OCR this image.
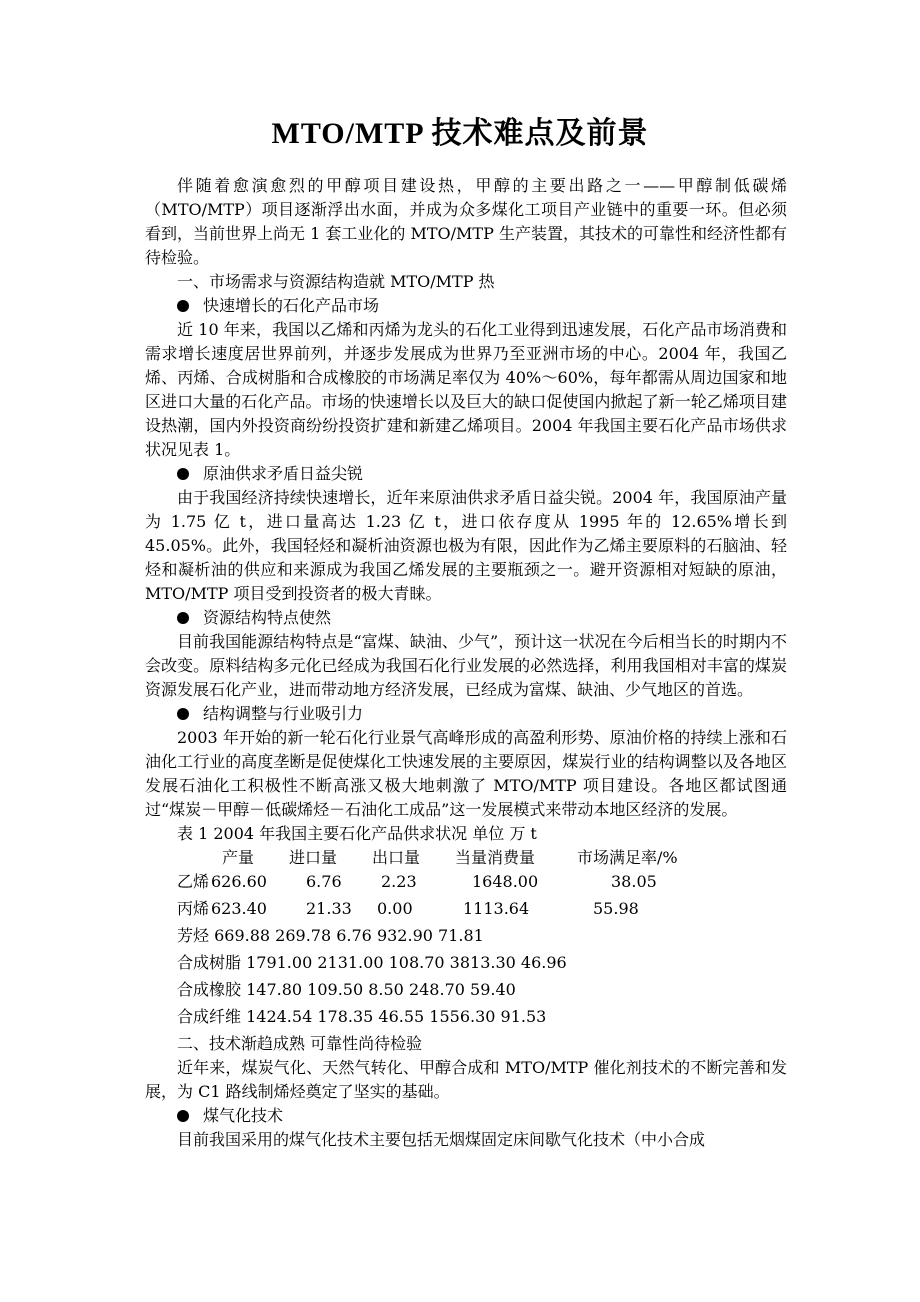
MTO/MTP 技术难点及前景

伴随着愈演愈烈的甲醇项目建设热，甲醇的主要出路之一——甲醇制低碳烯（MTO/MTP）项目逐渐浮出水面，并成为众多煤化工项目产业链中的重要一环。但必须看到，当前世界上尚无 1 套工业化的 MTO/MTP 生产装置，其技术的可靠性和经济性都有待检验。

一、市场需求与资源结构造就 MTO/MTP 热

快速增长的石化产品市场

近 10 年来，我国以乙烯和丙烯为龙头的石化工业得到迅速发展，石化产品市场消费和需求增长速度居世界前列，并逐步发展成为世界乃至亚洲市场的中心。2004 年，我国乙烯、丙烯、合成树脂和合成橡胶的市场满足率仅为 40%～60%，每年都需从周边国家和地区进口大量的石化产品。市场的快速增长以及巨大的缺口促使国内掀起了新一轮乙烯项目建设热潮，国内外投资商纷纷投资扩建和新建乙烯项目。2004 年我国主要石化产品市场供求状况见表 1。

原油供求矛盾日益尖锐

由于我国经济持续快速增长，近年来原油供求矛盾日益尖锐。2004 年，我国原油产量为 1.75 亿 t，进口量高达 1.23 亿 t，进口依存度从 1995 年的 12.65%增长到 45.05%。此外，我国轻烃和凝析油资源也极为有限，因此作为乙烯主要原料的石脑油、轻烃和凝析油的供应和来源成为我国乙烯发展的主要瓶颈之一。避开资源相对短缺的原油，MTO/MTP 项目受到投资者的极大青睐。

资源结构特点使然

目前我国能源结构特点是“富煤、缺油、少气”，预计这一状况在今后相当长的时期内不会改变。原料结构多元化已经成为我国石化行业发展的必然选择，利用我国相对丰富的煤炭资源发展石化产业，进而带动地方经济发展，已经成为富煤、缺油、少气地区的首选。

结构调整与行业吸引力

2003 年开始的新一轮石化行业景气高峰形成的高盈利形势、原油价格的持续上涨和石油化工行业的高度垄断是促使煤化工快速发展的主要原因，煤炭行业的结构调整以及各地区发展石油化工积极性不断高涨又极大地刺激了 MTO/MTP 项目建设。各地区都试图通过“煤炭－甲醇－低碳烯烃－石油化工成品”这一发展模式来带动本地区经济的发展。

表 1 2004 年我国主要石化产品供求状况 单位 万 t

产量 进口量 出口量 当量消费量	市场满足率/%
乙烯 626.60 6.76 2.23	1648.00	38.05
丙烯 623.40 21.33 0.00	1113.64	55.98

芳烃 669.88 269.78 6.76 932.90 71.81

合成树脂 1791.00 2131.00 108.70 3813.30 46.96

合成橡胶 147.80 109.50 8.50 248.70 59.40

合成纤维 1424.54 178.35 46.55 1556.30 91.53

二、技术渐趋成熟 可靠性尚待检验

近年来，煤炭气化、天然气转化、甲醇合成和 MTO/MTP 催化剂技术的不断完善和发展，为 C1 路线制烯烃奠定了坚实的基础。

煤气化技术

目前我国采用的煤气化技术主要包括无烟煤固定床间歇气化技术（中小合成
